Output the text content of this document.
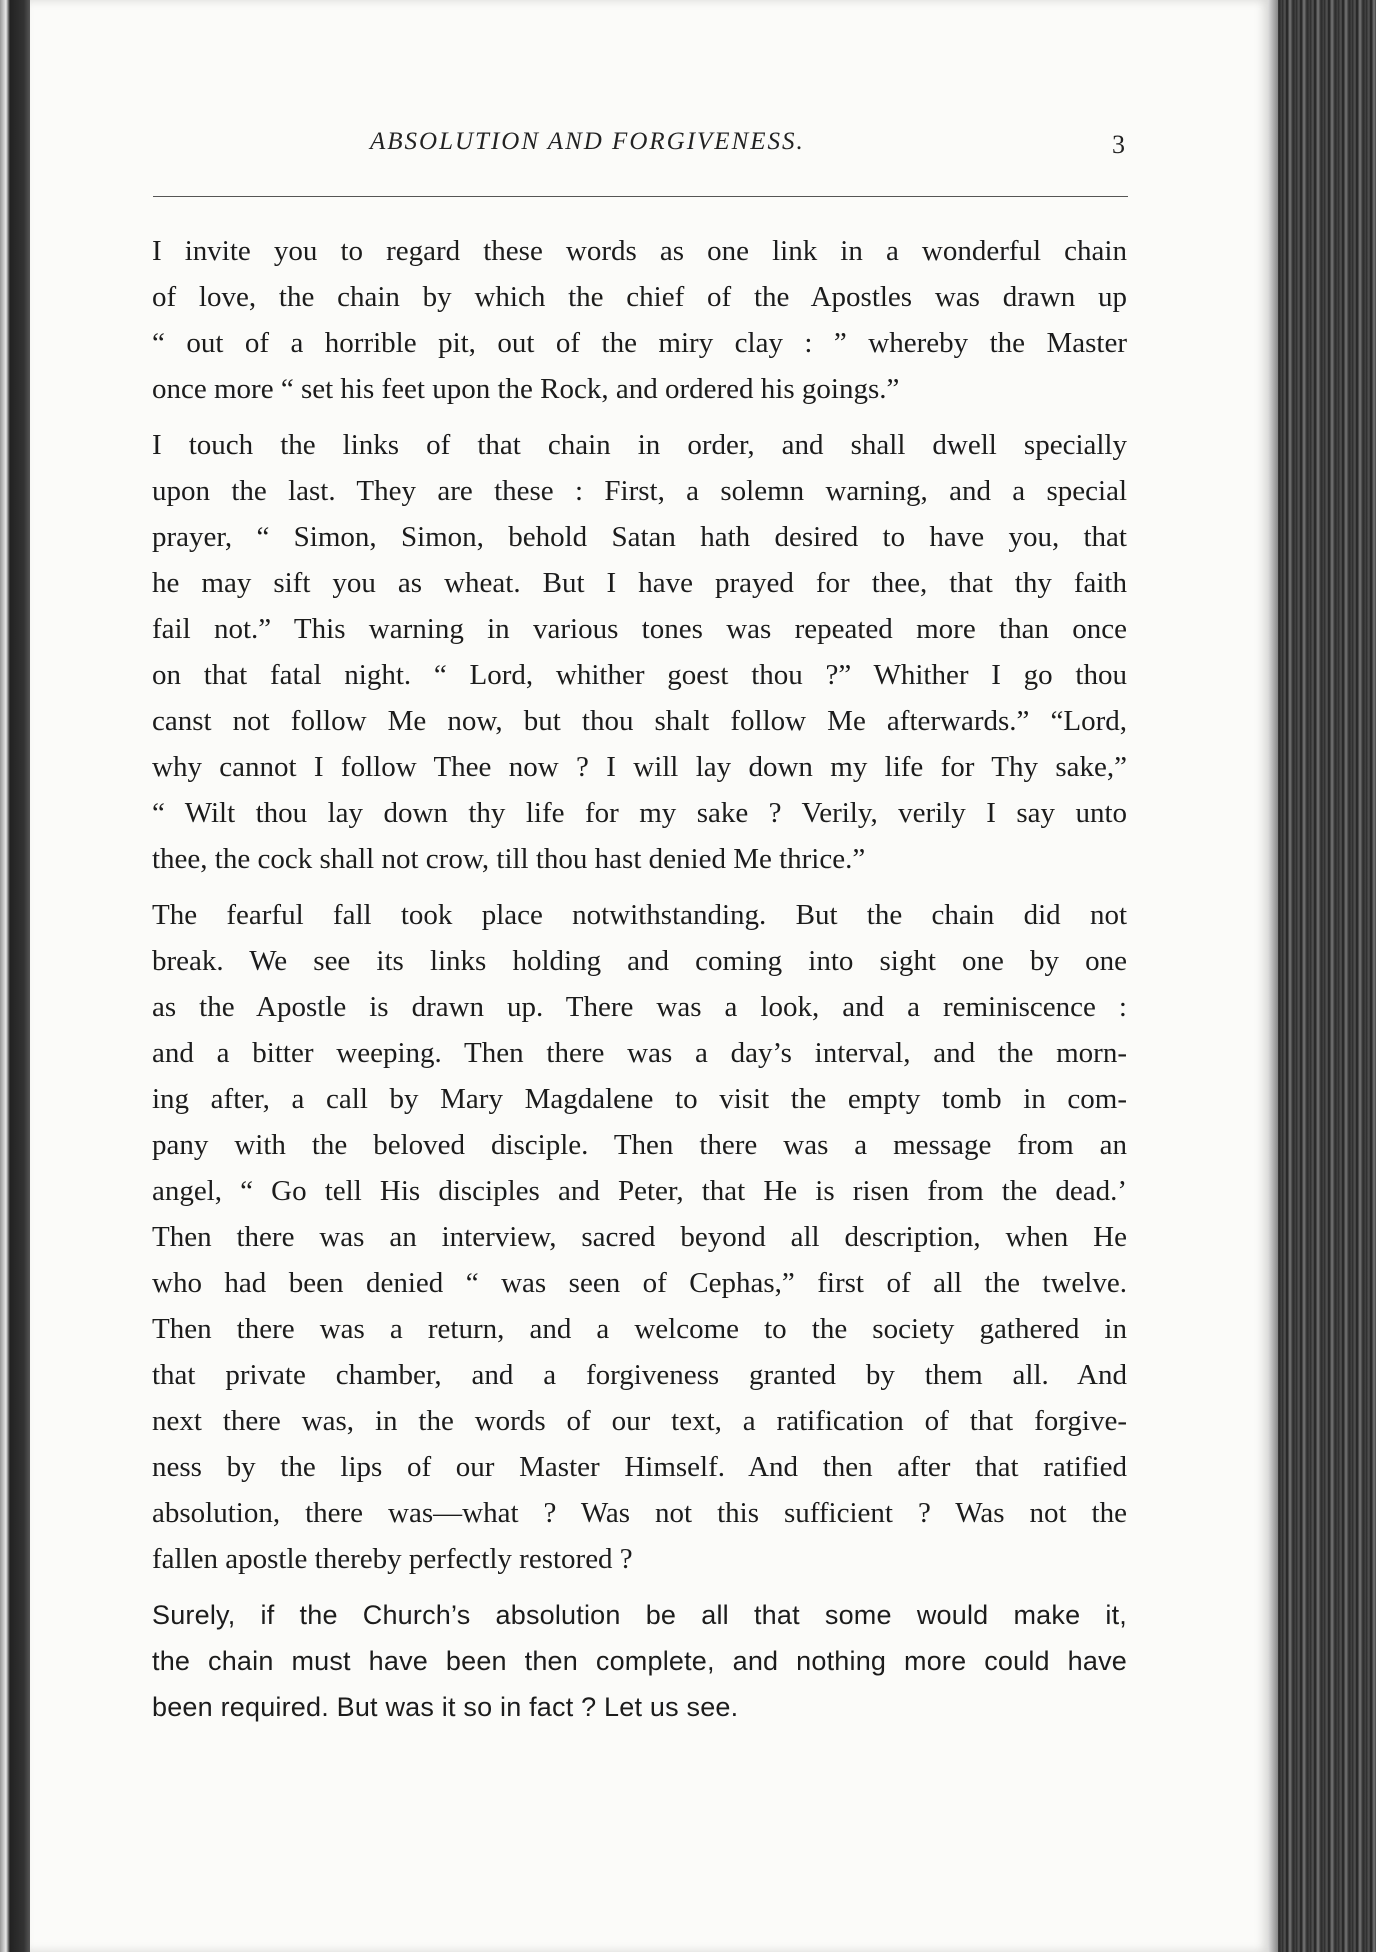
ABSOLUTION AND FORGIVENESS.	3
I invite you to regard these words as one link in a wonderful chain
of love, the chain by which the chief of the Apostles was drawn up
“ out of a horrible pit, out of the miry clay : ” whereby the Master
once more “ set his feet upon the Rock, and ordered his goings.”
I touch the links of that chain in order, and shall dwell specially
upon the last. They are these : First, a solemn warning, and a special
prayer, “ Simon, Simon, behold Satan hath desired to have you, that
he may sift you as wheat. But I have prayed for thee, that thy faith
fail not.” This warning in various tones was repeated more than once
on that fatal night. “ Lord, whither goest thou ?” Whither I go thou
canst not follow Me now, but thou shalt follow Me afterwards.” “Lord,
why cannot I follow Thee now ? I will lay down my life for Thy sake,”
“ Wilt thou lay down thy life for my sake ? Verily, verily I say unto
thee, the cock shall not crow, till thou hast denied Me thrice.”
The fearful fall took place notwithstanding. But the chain did not
break. We see its links holding and coming into sight one by one
as the Apostle is drawn up. There was a look, and a reminiscence :
and a bitter weeping. Then there was a day’s interval, and the morn-
ing after, a call by Mary Magdalene to visit the empty tomb in com-
pany with the beloved disciple. Then there was a message from an
angel, “ Go tell His disciples and Peter, that He is risen from the dead.’
Then there was an interview, sacred beyond all description, when He
who had been denied “ was seen of Cephas,” first of all the twelve.
Then there was a return, and a welcome to the society gathered in
that private chamber, and a forgiveness granted by them all. And
next there was, in the words of our text, a ratification of that forgive-
ness by the lips of our Master Himself. And then after that ratified
absolution, there was—what ? Was not this sufficient ? Was not the
fallen apostle thereby perfectly restored ?
Surely, if the Church’s absolution be all that some would make it,
the chain must have been then complete, and nothing more could have
been required. But was it so in fact ? Let us see.
